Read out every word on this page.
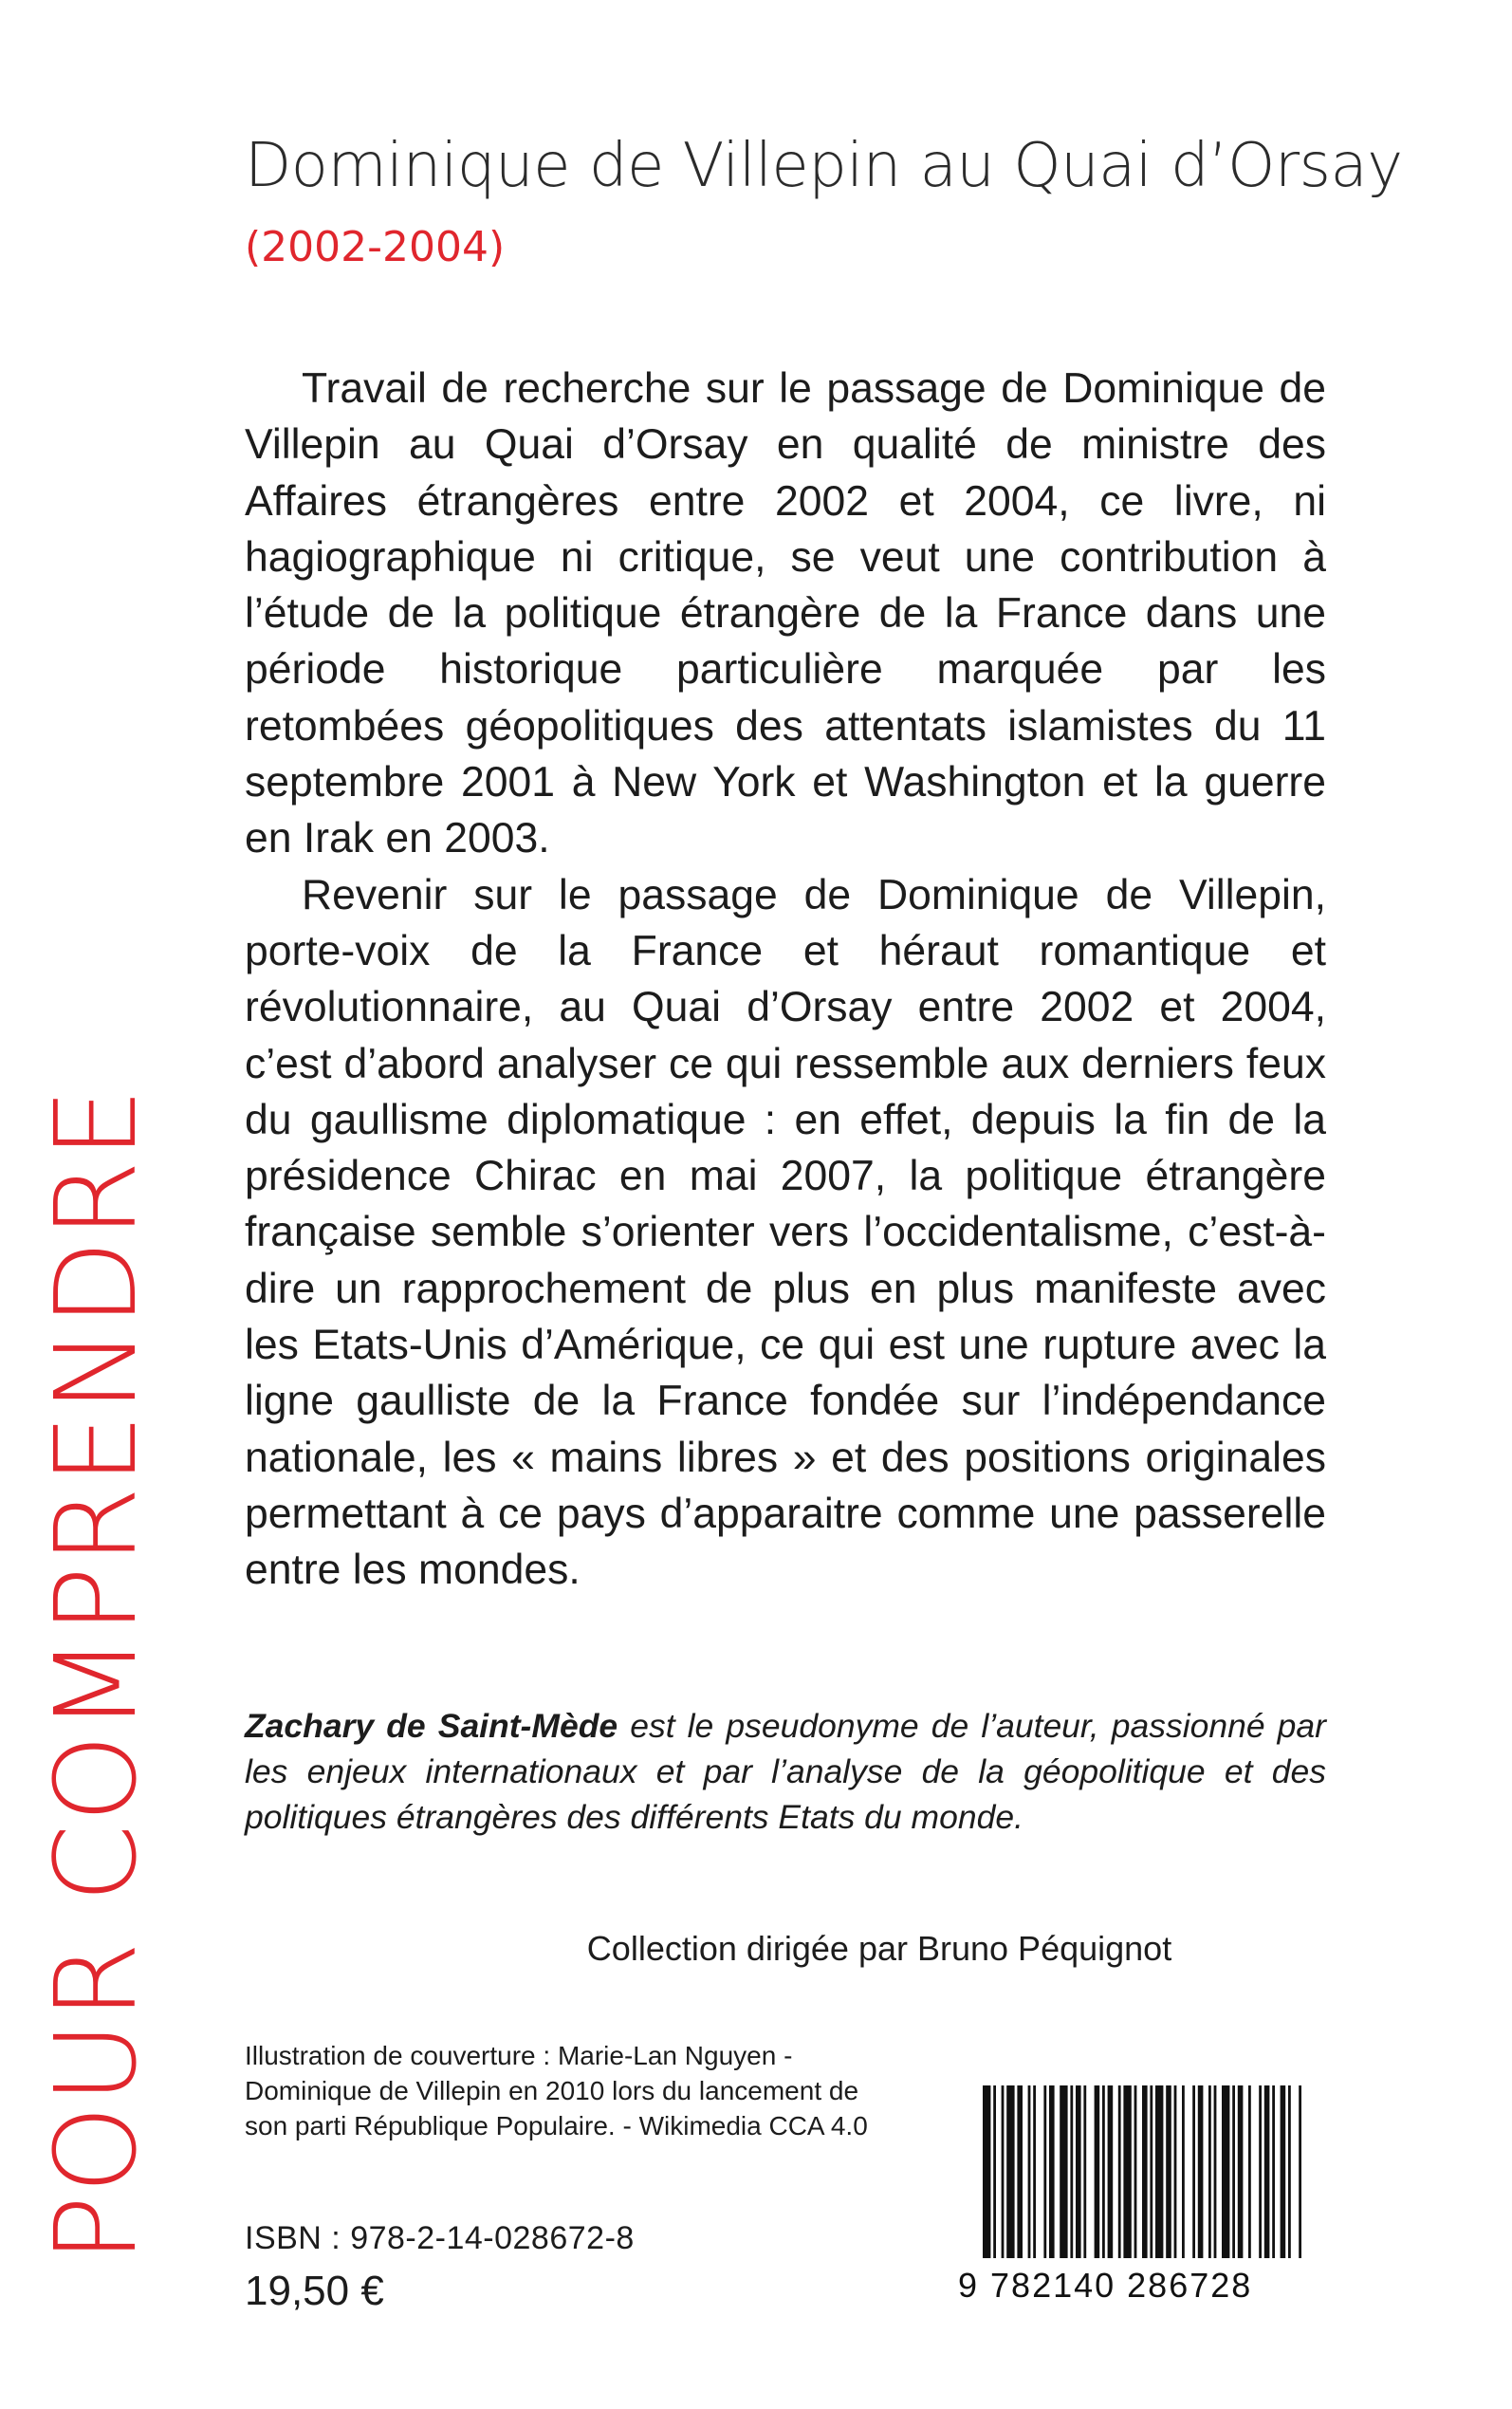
Dominique de Villepin au Quai d’Orsay
(2002-2004)

Travail de recherche sur le passage de Dominique de Villepin au Quai d’Orsay en qualité de ministre des Affaires étrangères entre 2002 et 2004, ce livre, ni hagiographique ni critique, se veut une contribution à l’étude de la politique étrangère de la France dans une période historique particulière marquée par les retombées géopolitiques des attentats islamistes du 11 septembre 2001 à New York et Washington et la guerre en Irak en 2003.

Revenir sur le passage de Dominique de Villepin, porte-voix de la France et héraut romantique et révolutionnaire, au Quai d’Orsay entre 2002 et 2004, c’est d’abord analyser ce qui ressemble aux derniers feux du gaullisme diplomatique : en effet, depuis la fin de la présidence Chirac en mai 2007, la politique étrangère française semble s’orienter vers l’occidentalisme, c’est-à-dire un rapprochement de plus en plus manifeste avec les Etats-Unis d’Amérique, ce qui est une rupture avec la ligne gaulliste de la France fondée sur l’indépendance nationale, les « mains libres » et des positions originales permettant à ce pays d’apparaitre comme une passerelle entre les mondes.

Zachary de Saint-Mède est le pseudonyme de l’auteur, passionné par les enjeux internationaux et par l’analyse de la géopolitique et des politiques étrangères des différents Etats du monde.
Collection dirigée par Bruno Péquignot
Illustration de couverture : Marie-Lan Nguyen -
Dominique de Villepin en 2010 lors du lancement de
son parti République Populaire. - Wikimedia CCA 4.0
ISBN : 978-2-14-028672-8
19,50 €
POUR COMPRENDRE
9 782140 286728
